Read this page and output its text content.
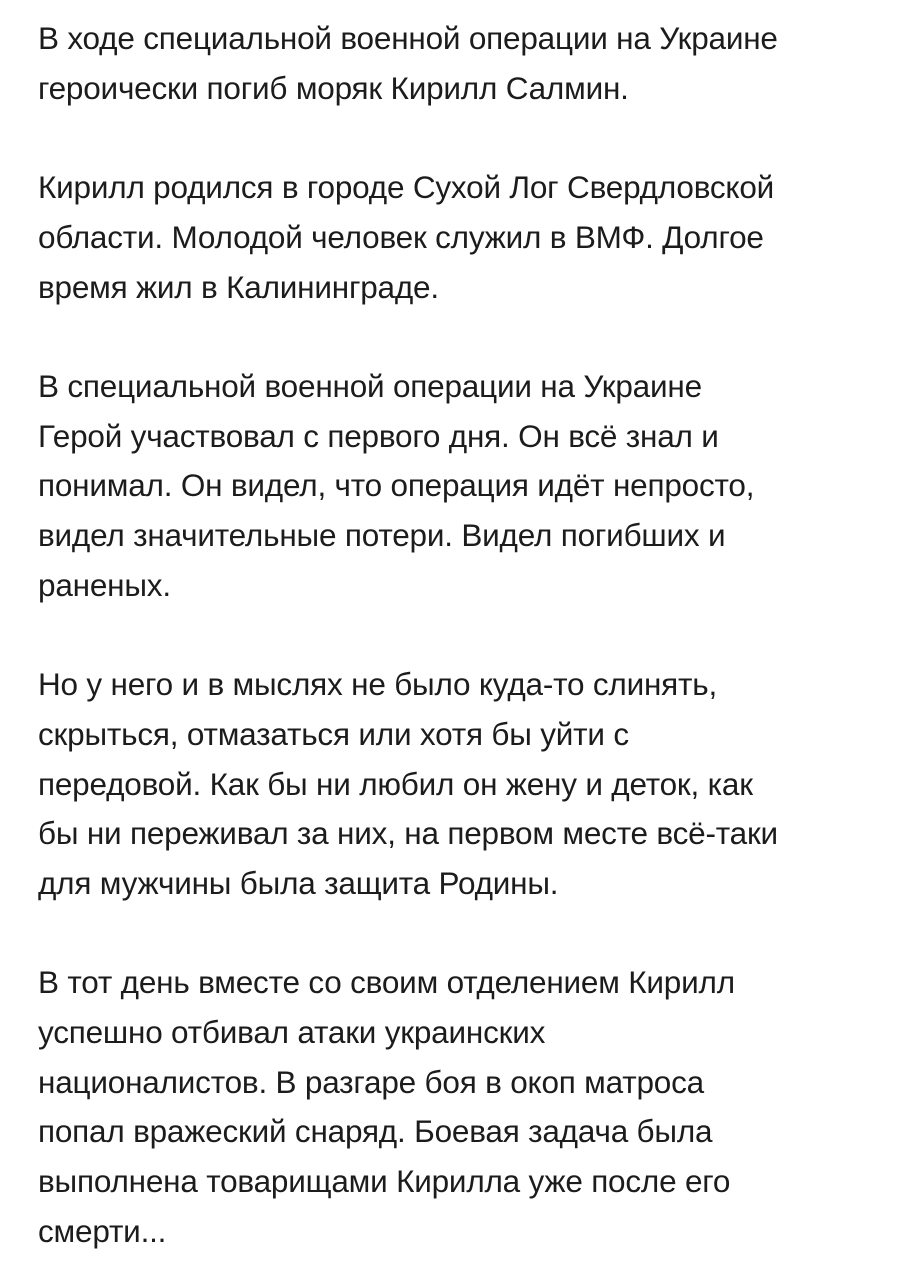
В ходе специальной военной операции на Украине
героически погиб моряк Кирилл Салмин.
Кирилл родился в городе Сухой Лог Свердловской
области. Молодой человек служил в ВМФ. Долгое
время жил в Калининграде.
В специальной военной операции на Украине
Герой участвовал с первого дня. Он всё знал и
понимал. Он видел, что операция идёт непросто,
видел значительные потери. Видел погибших и
раненых.
Но у него и в мыслях не было куда-то слинять,
скрыться, отмазаться или хотя бы уйти с
передовой. Как бы ни любил он жену и деток, как
бы ни переживал за них, на первом месте всё-таки
для мужчины была защита Родины.
В тот день вместе со своим отделением Кирилл
успешно отбивал атаки украинских
националистов. В разгаре боя в окоп матроса
попал вражеский снаряд. Боевая задача была
выполнена товарищами Кирилла уже после его
смерти...
